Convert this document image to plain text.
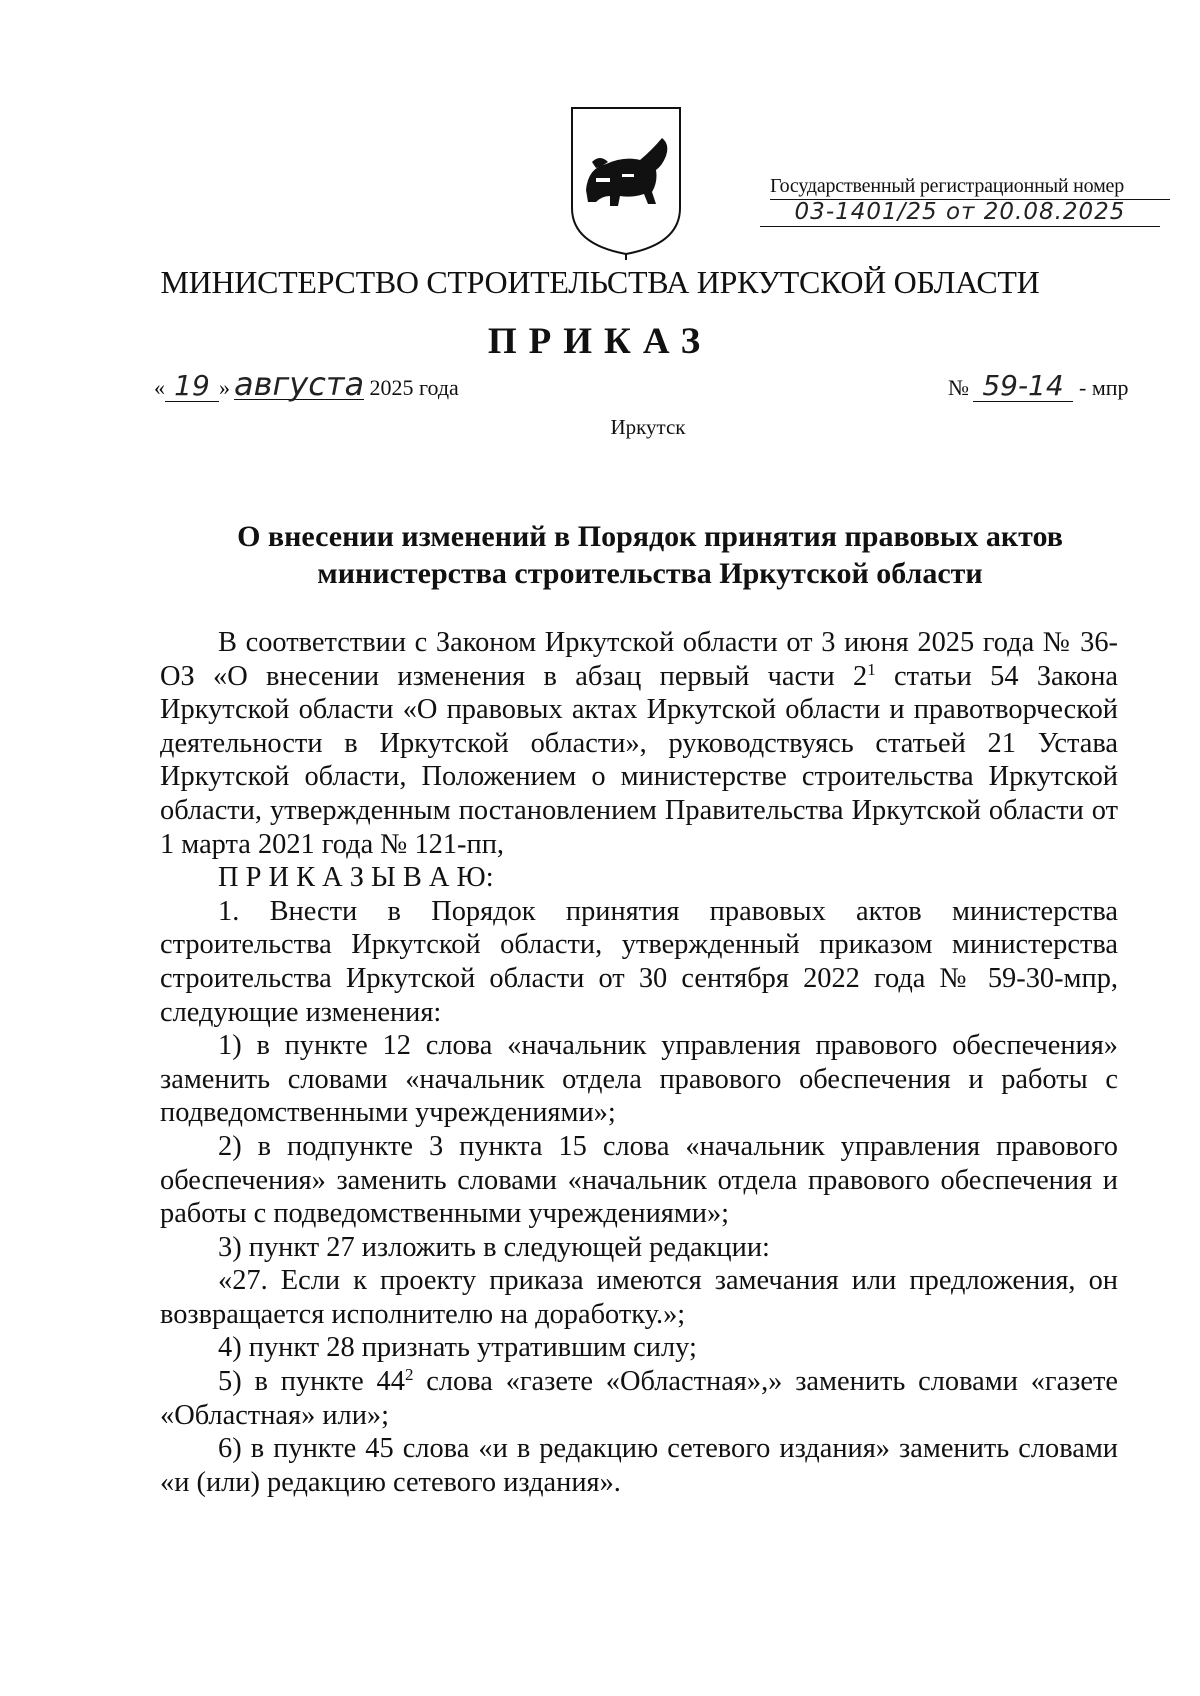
Государственный регистрационный номер
03-1401/25 от 20.08.2025
МИНИСТЕРСТВО СТРОИТЕЛЬСТВА ИРКУТСКОЙ ОБЛАСТИ
ПРИКАЗ
« 19 » августа 2025 года	№ 59-14 - мпр
Иркутск
О внесении изменений в Порядок принятия правовых актов министерства строительства Иркутской области

В соответствии с Законом Иркутской области от 3 июня 2025 года № 36-ОЗ «О внесении изменения в абзац первый части $2^1$ статьи 54 Закона Иркутской области «О правовых актах Иркутской области и правотворческой деятельности в Иркутской области», руководствуясь статьей 21 Устава Иркутской области, Положением о министерстве строительства Иркутской области, утвержденным постановлением Правительства Иркутской области от 1 марта 2021 года № 121-пп,

П Р И К А З Ы В А Ю:

1. Внести в Порядок принятия правовых актов министерства строительства Иркутской области, утвержденный приказом министерства строительства Иркутской области от 30 сентября 2022 года № 59-30-мпр, следующие изменения:

1) в пункте 12 слова «начальник управления правового обеспечения» заменить словами «начальник отдела правового обеспечения и работы с подведомственными учреждениями»;

2) в подпункте 3 пункта 15 слова «начальник управления правового обеспечения» заменить словами «начальник отдела правового обеспечения и работы с подведомственными учреждениями»;

3) пункт 27 изложить в следующей редакции:

«27. Если к проекту приказа имеются замечания или предложения, он возвращается исполнителю на доработку.»;

4) пункт 28 признать утратившим силу;

5) в пункте $44^2$ слова «газете «Областная»,» заменить словами «газете «Областная» или»;

6) в пункте 45 слова «и в редакцию сетевого издания» заменить словами «и (или) редакцию сетевого издания».
